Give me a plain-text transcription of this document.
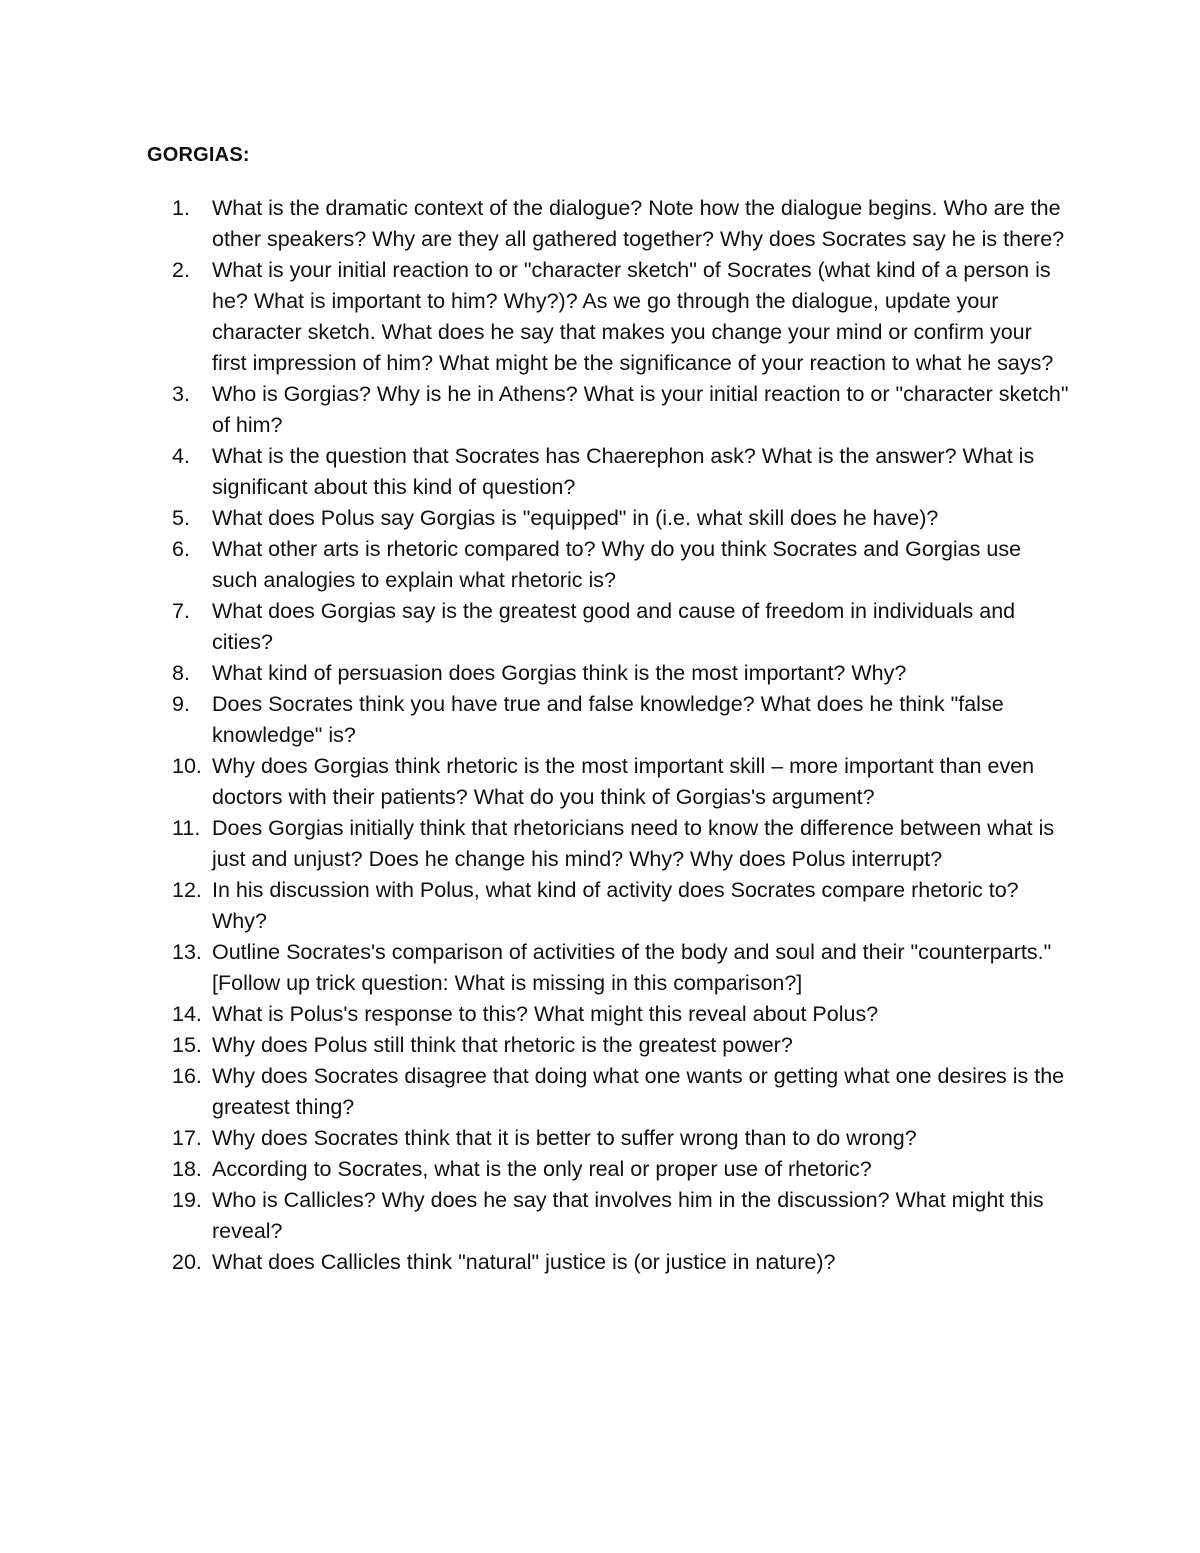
GORGIAS:
1.	What is the dramatic context of the dialogue? Note how the dialogue begins. Who are the other speakers? Why are they all gathered together? Why does Socrates say he is there?
2.	What is your initial reaction to or "character sketch" of Socrates (what kind of a person is he? What is important to him? Why?)? As we go through the dialogue, update your character sketch. What does he say that makes you change your mind or confirm your first impression of him? What might be the significance of your reaction to what he says?
3.	Who is Gorgias? Why is he in Athens? What is your initial reaction to or "character sketch" of him?
4.	What is the question that Socrates has Chaerephon ask? What is the answer? What is significant about this kind of question?
5.	What does Polus say Gorgias is "equipped" in (i.e. what skill does he have)?
6.	What other arts is rhetoric compared to? Why do you think Socrates and Gorgias use such analogies to explain what rhetoric is?
7.	What does Gorgias say is the greatest good and cause of freedom in individuals and cities?
8.	What kind of persuasion does Gorgias think is the most important? Why?
9.	Does Socrates think you have true and false knowledge? What does he think "false knowledge" is?
10. Why does Gorgias think rhetoric is the most important skill – more important than even doctors with their patients? What do you think of Gorgias's argument?
11. Does Gorgias initially think that rhetoricians need to know the difference between what is just and unjust? Does he change his mind? Why? Why does Polus interrupt?
12. In his discussion with Polus, what kind of activity does Socrates compare rhetoric to? Why?
13. Outline Socrates's comparison of activities of the body and soul and their "counterparts." [Follow up trick question: What is missing in this comparison?]
14. What is Polus's response to this? What might this reveal about Polus?
15. Why does Polus still think that rhetoric is the greatest power?
16. Why does Socrates disagree that doing what one wants or getting what one desires is the greatest thing?
17. Why does Socrates think that it is better to suffer wrong than to do wrong?
18. According to Socrates, what is the only real or proper use of rhetoric?
19. Who is Callicles? Why does he say that involves him in the discussion? What might this reveal?
20. What does Callicles think "natural" justice is (or justice in nature)?
